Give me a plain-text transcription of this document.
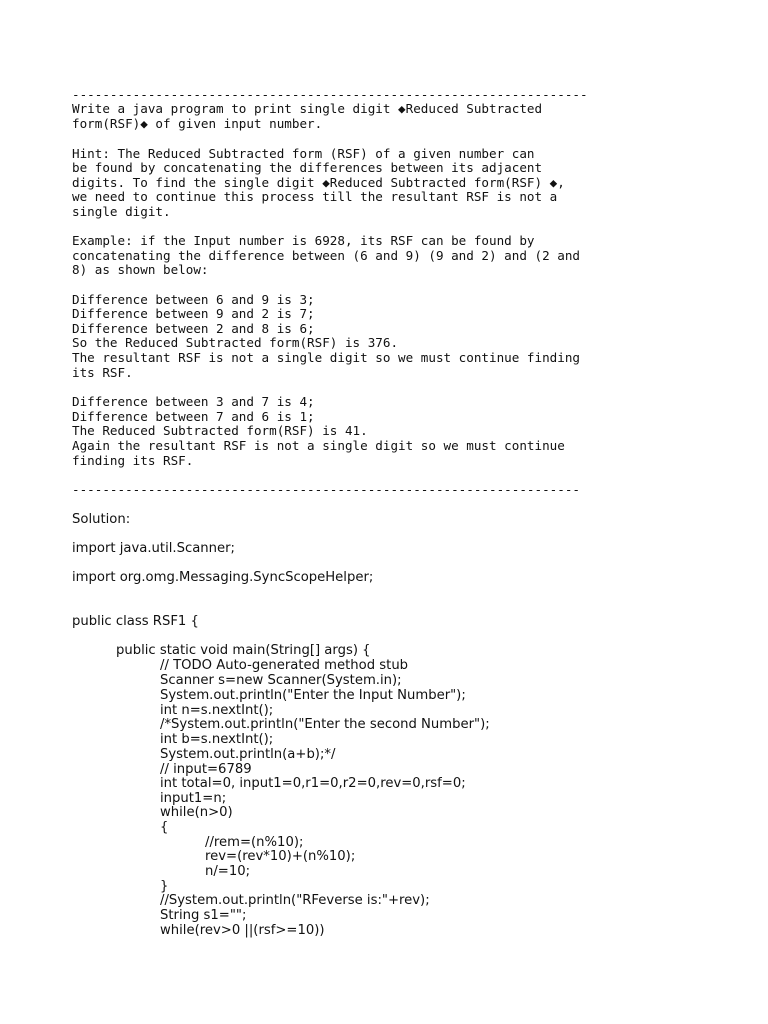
--------------------------------------------------------------------

Write a java program to print single digit ◆Reduced Subtracted

form(RSF)◆ of given input number.

Hint: The Reduced Subtracted form (RSF) of a given number can

be found by concatenating the differences between its adjacent

digits. To find the single digit ◆Reduced Subtracted form(RSF) ◆,

we need to continue this process till the resultant RSF is not a

single digit.

Example: if the Input number is 6928, its RSF can be found by

concatenating the difference between (6 and 9) (9 and 2) and (2 and

8) as shown below:

Difference between 6 and 9 is 3;

Difference between 9 and 2 is 7;

Difference between 2 and 8 is 6;

So the Reduced Subtracted form(RSF) is 376.

The resultant RSF is not a single digit so we must continue finding

its RSF.

Difference between 3 and 7 is 4;

Difference between 7 and 6 is 1;

The Reduced Subtracted form(RSF) is 41.

Again the resultant RSF is not a single digit so we must continue

finding its RSF.

-------------------------------------------------------------------

Solution:

import java.util.Scanner;

import org.omg.Messaging.SyncScopeHelper;

public class RSF1 {

public static void main(String[] args) {

// TODO Auto-generated method stub

Scanner s=new Scanner(System.in);

System.out.println("Enter the Input Number");

int n=s.nextInt();

/*System.out.println("Enter the second Number");

int b=s.nextInt();

System.out.println(a+b);*/

// input=6789

int total=0, input1=0,r1=0,r2=0,rev=0,rsf=0;

input1=n;

while(n>0)

{

//rem=(n%10);

rev=(rev*10)+(n%10);

n/=10;

}

//System.out.println("RFeverse is:"+rev);

String s1="";

while(rev>0 ||(rsf>=10))
